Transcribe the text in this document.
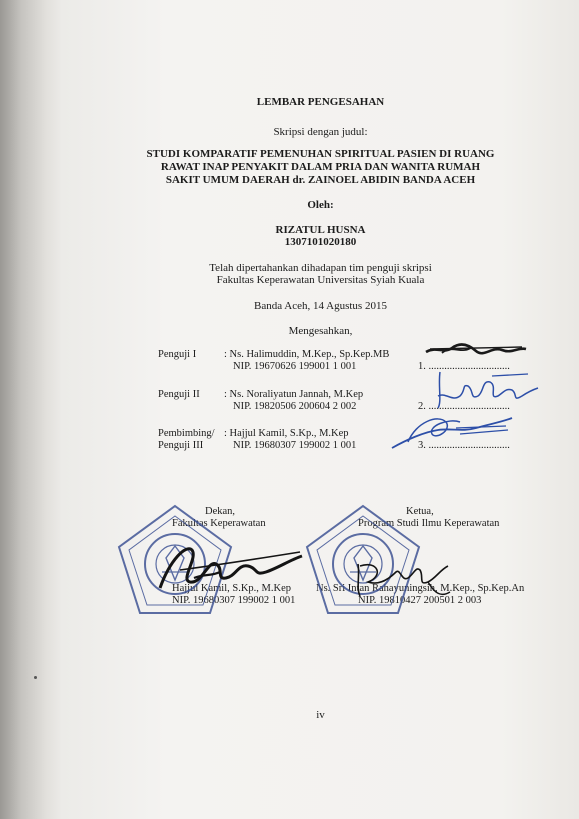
LEMBAR PENGESAHAN
Skripsi dengan judul:
STUDI KOMPARATIF PEMENUHAN SPIRITUAL PASIEN DI RUANG
RAWAT INAP PENYAKIT DALAM PRIA DAN WANITA RUMAH
SAKIT UMUM DAERAH dr. ZAINOEL ABIDIN BANDA ACEH
Oleh:
RIZATUL HUSNA
1307101020180
Telah dipertahankan dihadapan tim penguji skripsi
Fakultas Keperawatan Universitas Syiah Kuala
Banda Aceh, 14 Agustus 2015
Mengesahkan,
Penguji I	: Ns. Halimuddin, M.Kep., Sp.Kep.MB
NIP. 19670626 199001 1 001	1. ...............................
Penguji II : Ns. Noraliyatun Jannah, M.Kep
NIP. 19820506 200604 2 002	2. ...............................
Pembimbing/
Penguji III
: Hajjul Kamil, S.Kp., M.Kep
NIP. 19680307 199002 1 001	3. ...............................
Dekan,
Fakultas Keperawatan
Hajjul Kamil, S.Kp., M.Kep
NIP. 19680307 199002 1 001
Ketua,
Program Studi Ilmu Keperawatan
Ns. Sri Intan Rahayuningsih, M.Kep., Sp.Kep.An
NIP. 19810427 200501 2 003
iv
